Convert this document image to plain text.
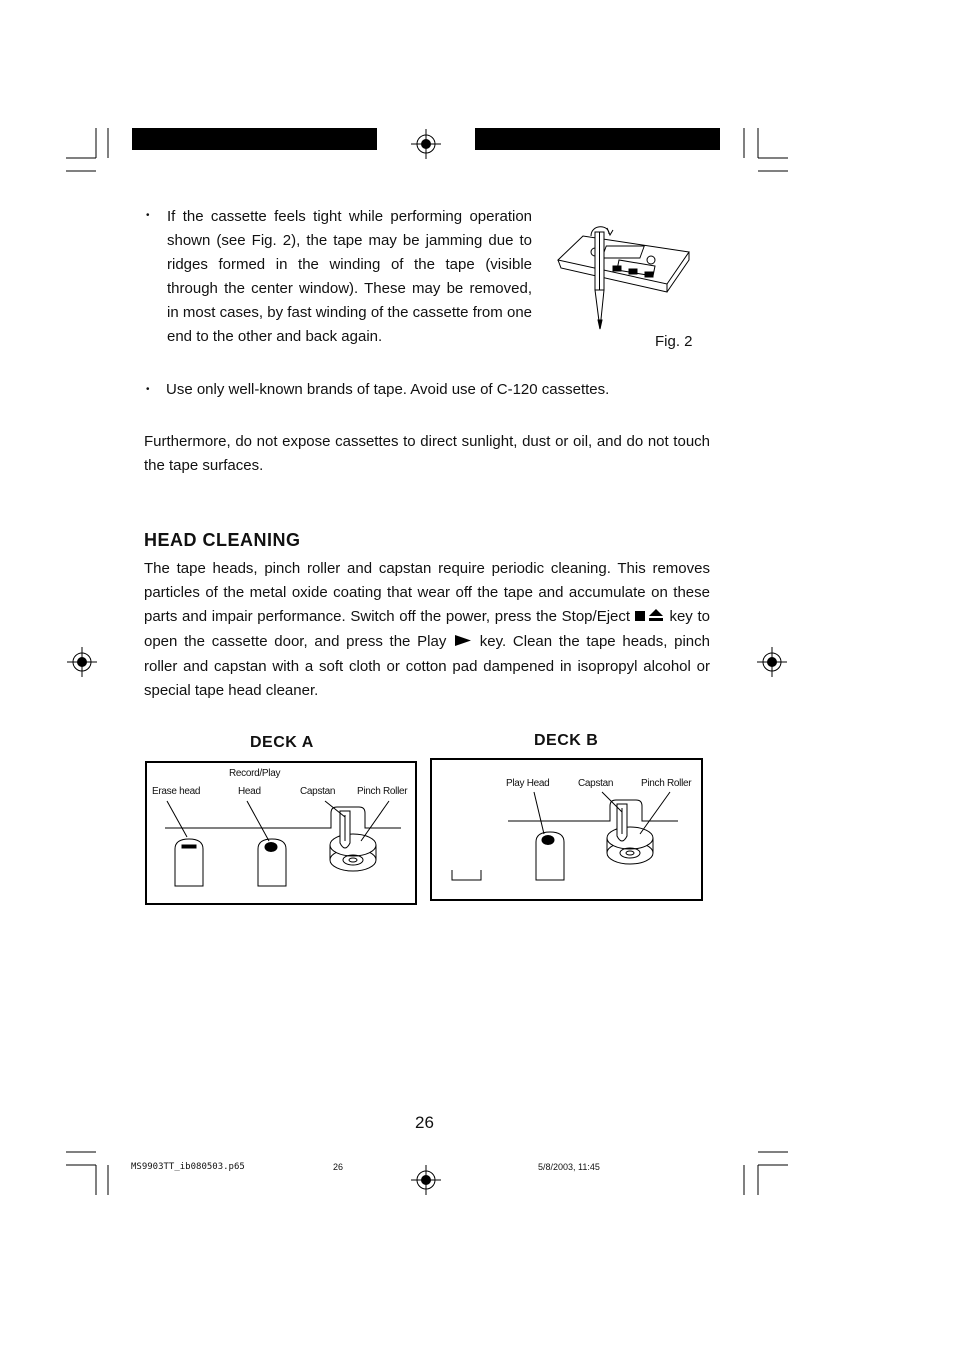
• If the cassette feels tight while performing operation shown (see Fig. 2), the tape may be jamming due to ridges formed in the winding of the tape (visible through the center window). These may be removed, in most cases, by fast winding of the cassette from one end to the other and back again.	Fig. 2
• Use only well-known brands of tape. Avoid use of C-120 cassettes.
Furthermore, do not expose cassettes to direct sunlight, dust or oil, and do not touch the tape surfaces.
HEAD CLEANING
The tape heads, pinch roller and capstan require periodic cleaning. This removes particles of the metal oxide coating that wear off the tape and accumulate on these parts and impair performance. Switch off the power, press the Stop/Eject	key to open the cassette door, and press the Play key. Clean the tape heads, pinch roller and capstan with a soft cloth or cotton pad dampened in isopropyl alcohol or special tape head cleaner.
DECK A
Record/Play
Erase head	Head	Capstan Pinch Roller
DECK B
Play Head	Capstan	Pinch Roller
26
MS9903TT_ib080503.p65	26	5/8/2003, 11:45
